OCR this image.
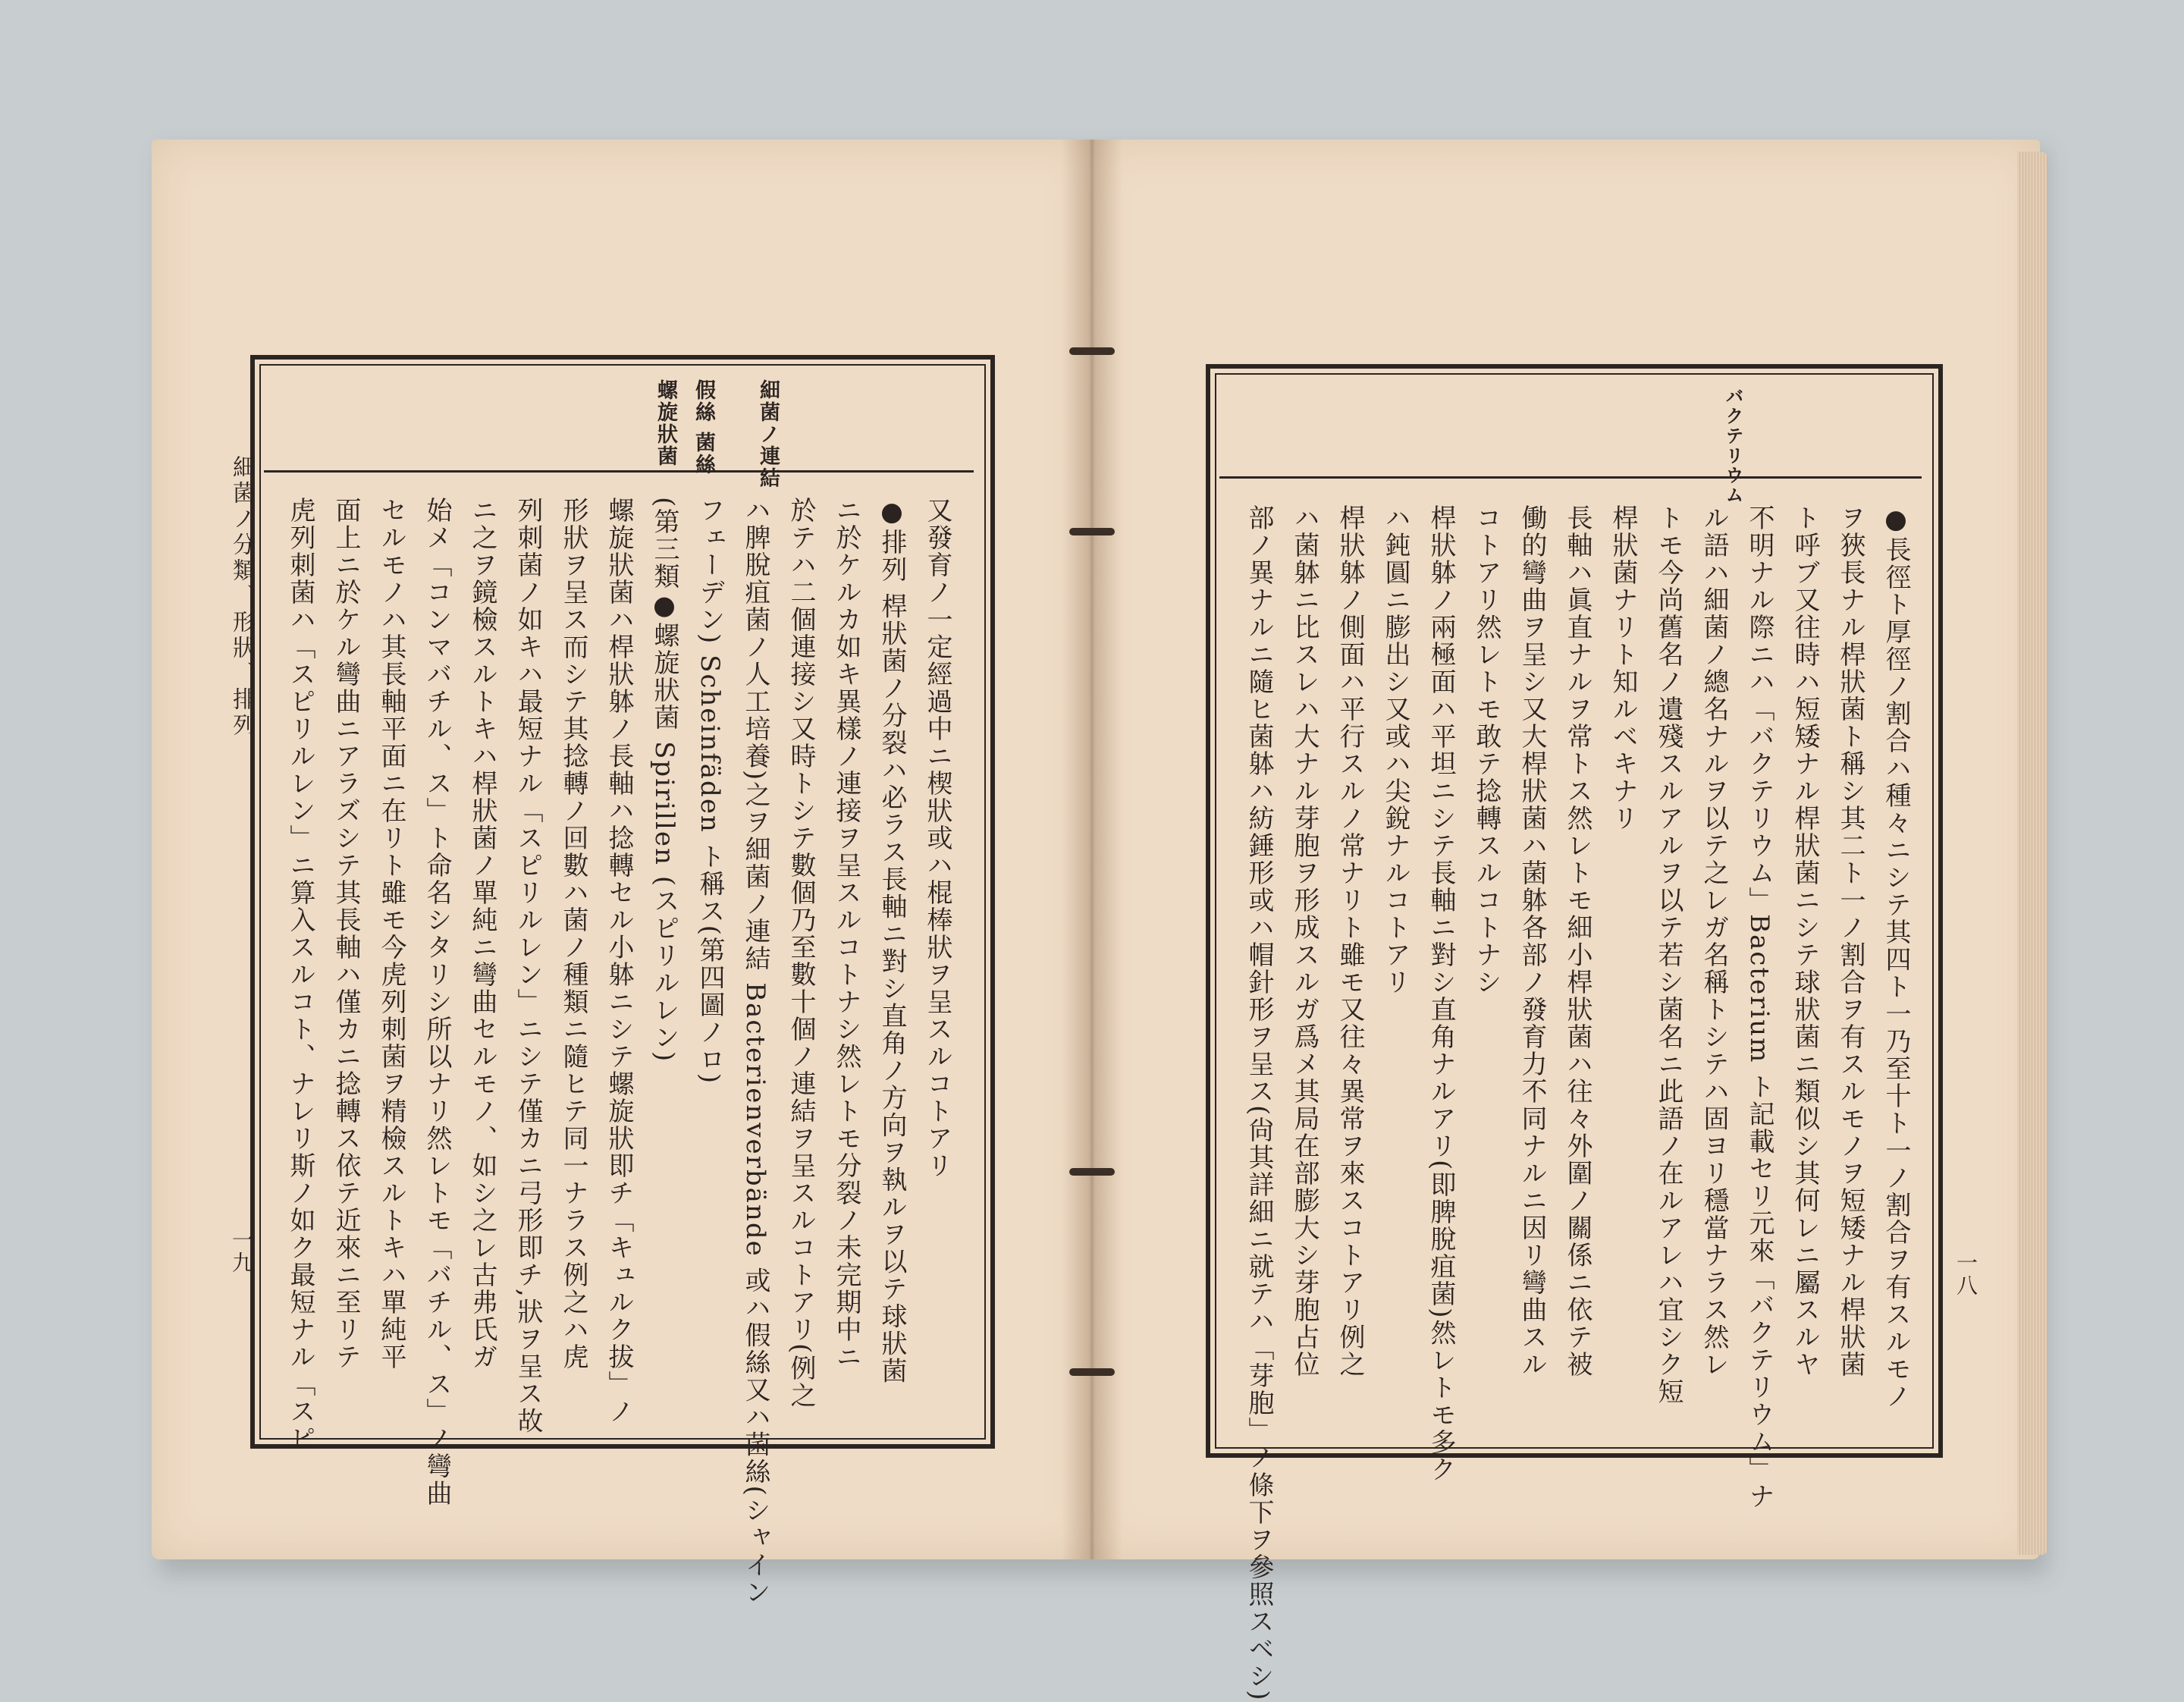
細菌ノ分類、形狀、排列
一九
細菌ノ連結
假絲 菌絲
螺旋狀菌
又發育ノ一定經過中ニ楔狀或ハ棍棒狀ヲ呈スルコトアリ
●排列 桿狀菌ノ分裂ハ必ラス長軸ニ對シ直角ノ方向ヲ執ルヲ以テ球狀菌
ニ於ケルカ如キ異樣ノ連接ヲ呈スルコトナシ然レトモ分裂ノ未完期中ニ
於テハ二個連接シ又時トシテ數個乃至數十個ノ連結ヲ呈スルコトアリ(例之
ハ脾脫疽菌ノ人工培養)之ヲ細菌ノ連結 Bacterienverbände 或ハ假絲又ハ菌絲(シャイン
フェーデン) Scheinfäden ト稱ス(第四圖ノロ)
(第三類●螺旋狀菌 Spirillen (スピリルレン)
螺旋狀菌ハ桿狀躰ノ長軸ハ捻轉セル小躰ニシテ螺旋狀即チ「キュルク拔」ノ
形狀ヲ呈ス而シテ其捻轉ノ回數ハ菌ノ種類ニ隨ヒテ同一ナラス例之ハ虎
列刺菌ノ如キハ最短ナル「スピリルレン」ニシテ僅カニ弓形即チ,狀ヲ呈ス故
ニ之ヲ鏡檢スルトキハ桿狀菌ノ單純ニ彎曲セルモノ、如シ之レ古弗氏ガ
始メ「コンマバチル、ス」ト命名シタリシ所以ナリ然レトモ「バチル、ス」ノ彎曲
セルモノハ其長軸平面ニ在リト雖モ今虎列刺菌ヲ精檢スルトキハ單純平
面上ニ於ケル彎曲ニアラズシテ其長軸ハ僅カニ捻轉ス依テ近來ニ至リテ
虎列刺菌ハ「スピリルレン」ニ算入スルコト、ナレリ斯ノ如ク最短ナル「スピ	一八
バクテリウム
●長徑ト厚徑ノ割合ハ種々ニシテ其四ト一乃至十ト一ノ割合ヲ有スルモノ
ヲ狹長ナル桿狀菌ト稱シ其二ト一ノ割合ヲ有スルモノヲ短矮ナル桿狀菌
ト呼ブ又往時ハ短矮ナル桿狀菌ニシテ球狀菌ニ類似シ其何レニ屬スルヤ
不明ナル際ニハ「バクテリウム」Bacterium ト記載セリ元來「バクテリウム」ナ
ル語ハ細菌ノ總名ナルヲ以テ之レガ名稱トシテハ固ヨリ穩當ナラス然レ
トモ今尚舊名ノ遺殘スルアルヲ以テ若シ菌名ニ此語ノ在ルアレハ宜シク短
桿狀菌ナリト知ルベキナリ
長軸ハ眞直ナルヲ常トス然レトモ細小桿狀菌ハ往々外圍ノ關係ニ依テ被
働的彎曲ヲ呈シ又大桿狀菌ハ菌躰各部ノ發育力不同ナルニ因リ彎曲スル
コトアリ然レトモ敢テ捻轉スルコトナシ
桿狀躰ノ兩極面ハ平坦ニシテ長軸ニ對シ直角ナルアリ(即脾脫疽菌)然レトモ多ク
ハ鈍圓ニ膨出シ又或ハ尖銳ナルコトアリ
桿狀躰ノ側面ハ平行スルノ常ナリト雖モ又往々異常ヲ來スコトアリ例之
ハ菌躰ニ比スレハ大ナル芽胞ヲ形成スルガ爲メ其局在部膨大シ芽胞占位
部ノ異ナルニ隨ヒ菌躰ハ紡錘形或ハ帽針形ヲ呈ス(尙其詳細ニ就テハ「芽胞」ノ條下ヲ參照スベシ)
